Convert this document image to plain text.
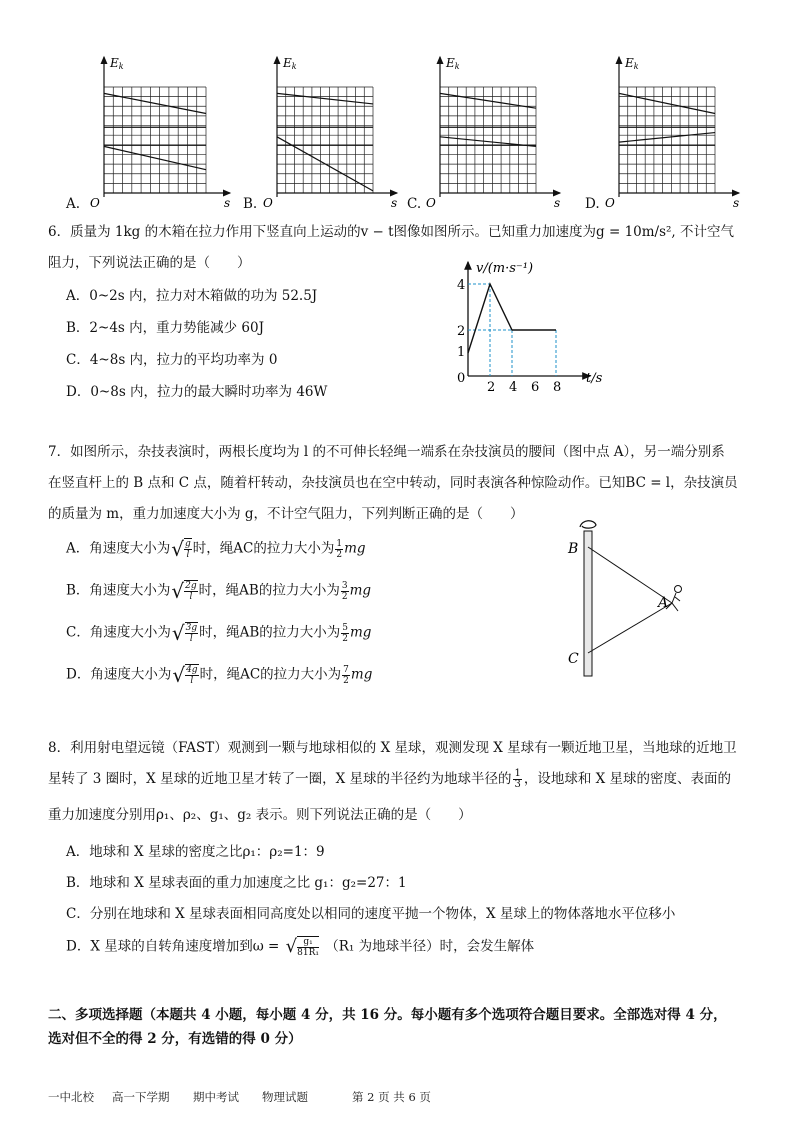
Ek
s
O
Ek
s
O
Ek
s
O
Ek
s
O
A.	B.	C.	D.
6．质量为 1kg 的木箱在拉力作用下竖直向上运动的v − t图像如图所示。已知重力加速度为g = 10m/s², 不计空气
阻力，下列说法正确的是（　　）
A．0~2s 内，拉力对木箱做的功为 52.5J
B．2~4s 内，重力势能减少 60J
C．4~8s 内，拉力的平均功率为 0
D．0~8s 内，拉力的最大瞬时功率为 46W
v/(m·s⁻¹)
t/s
0
1
2
4
2 4 6 8
7．如图所示，杂技表演时，两根长度均为 l 的不可伸长轻绳一端系在杂技演员的腰间（图中点 A），另一端分别系
在竖直杆上的 B 点和 C 点，随着杆转动，杂技演员也在空中转动，同时表演各种惊险动作。已知BC = l，杂技演员
的质量为 m，重力加速度大小为 g，不计空气阻力，下列判断正确的是（　　）
A．角速度大小为√ $\frac{g}{l}$ 时，绳AC的拉力大小为 $\frac{1}{2}$ mg
B．角速度大小为√ $\frac{2g}{l}$ 时，绳AB的拉力大小为 $\frac{3}{2}$ mg
C．角速度大小为√ $\frac{3g}{l}$ 时，绳AB的拉力大小为 $\frac{5}{2}$ mg
D．角速度大小为√ $\frac{4g}{l}$ 时，绳AC的拉力大小为 $\frac{7}{2}$ mg
B
A
C
8．利用射电望远镜（FAST）观测到一颗与地球相似的 X 星球，观测发现 X 星球有一颗近地卫星，当地球的近地卫
星转了 3 圈时，X 星球的近地卫星才转了一圈，X 星球的半径约为地球半径的 $\frac{1}{3}$ ，设地球和 X 星球的密度、表面的
重力加速度分别用ρ₁、ρ₂、g₁、g₂ 表示。则下列说法正确的是（　　）
A．地球和 X 星球的密度之比ρ₁：ρ₂=1：9
B．地球和 X 星球表面的重力加速度之比 g₁：g₂=27：1
C．分别在地球和 X 星球表面相同高度处以相同的速度平抛一个物体，X 星球上的物体落地水平位移小
D．X 星球的自转角速度增加到ω = √ $\frac{\text{g₁}}{\text{81R₁}} (R_1$ 为地球半径）时，会发生解体
二、多项选择题（本题共 4 小题，每小题 4 分，共 16 分。每小题有多个选项符合题目要求。全部选对得 4 分，
选对但不全的得 2 分，有选错的得 0 分）
一中北校 高一下学期 期中考试 物理试题	第 2 页 共 6 页
